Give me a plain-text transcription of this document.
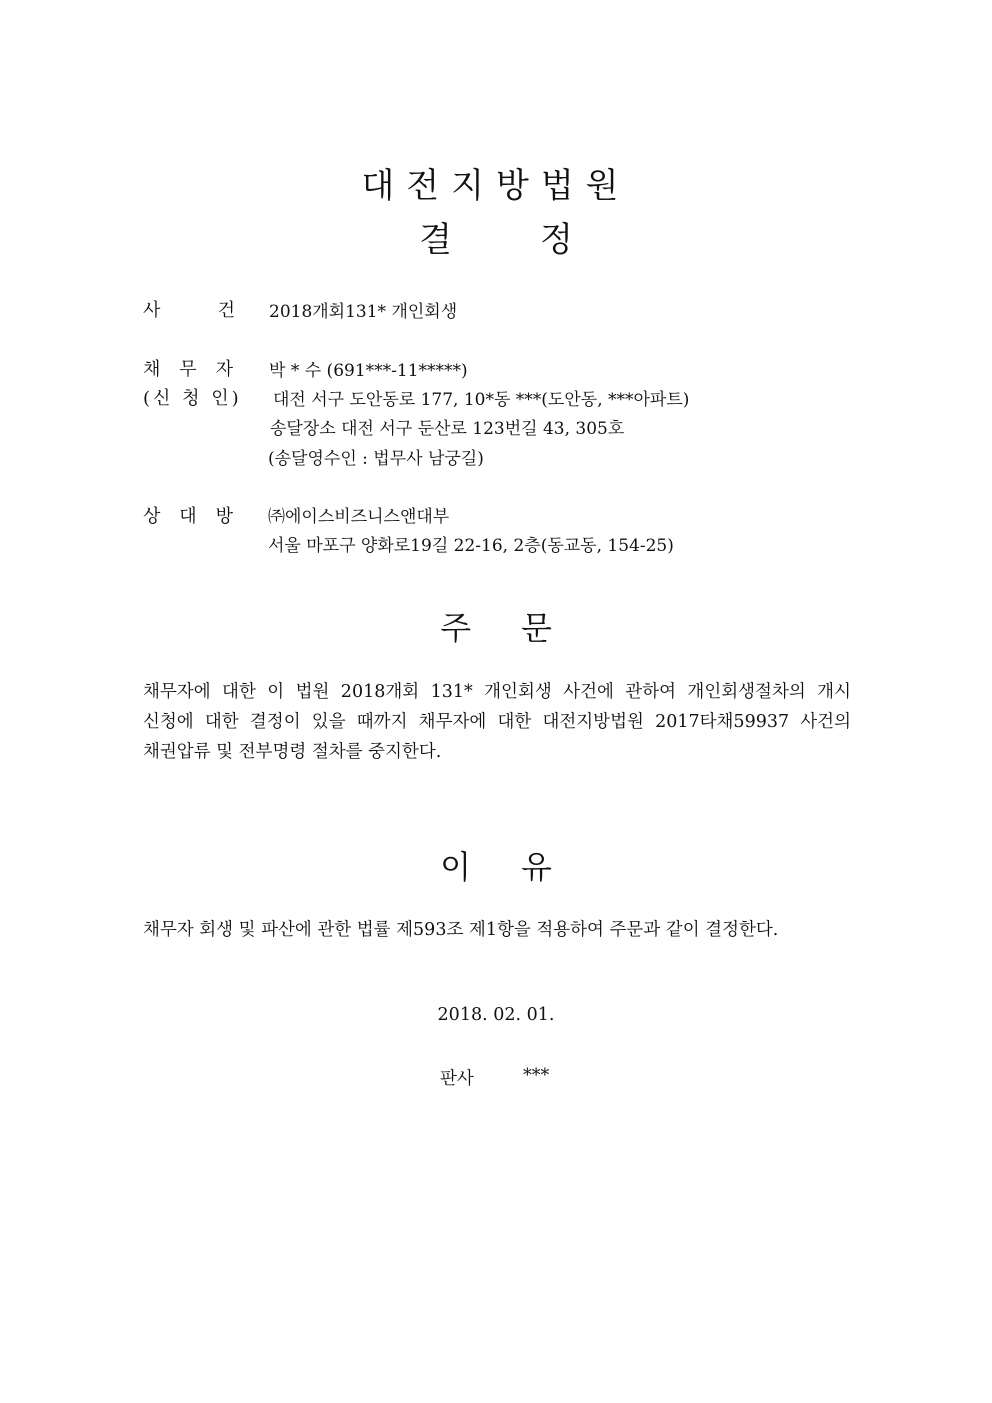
대전지방법원
결	정
사 건 2018개회131* 개인회생
채 무 자 박 * 수 (691***-11*****)
(신 청 인) 대전 서구 도안동로 177, 10*동 ***(도안동, ***아파트)
송달장소 대전 서구 둔산로 123번길 43, 305호
(송달영수인 : 법무사 남궁길)
상 대 방 ㈜에이스비즈니스앤대부
서울 마포구 양화로19길 22-16, 2층(동교동, 154-25)
주 문
채무자에 대한 이 법원 2018개회 131* 개인회생 사건에 관하여 개인회생절차의 개시
신청에 대한 결정이 있을 때까지 채무자에 대한 대전지방법원 2017타채59937 사건의
채권압류 및 전부명령 절차를 중지한다.
이 유
채무자 회생 및 파산에 관한 법률 제593조 제1항을 적용하여 주문과 같이 결정한다.
2018. 02. 01.
판사	***
